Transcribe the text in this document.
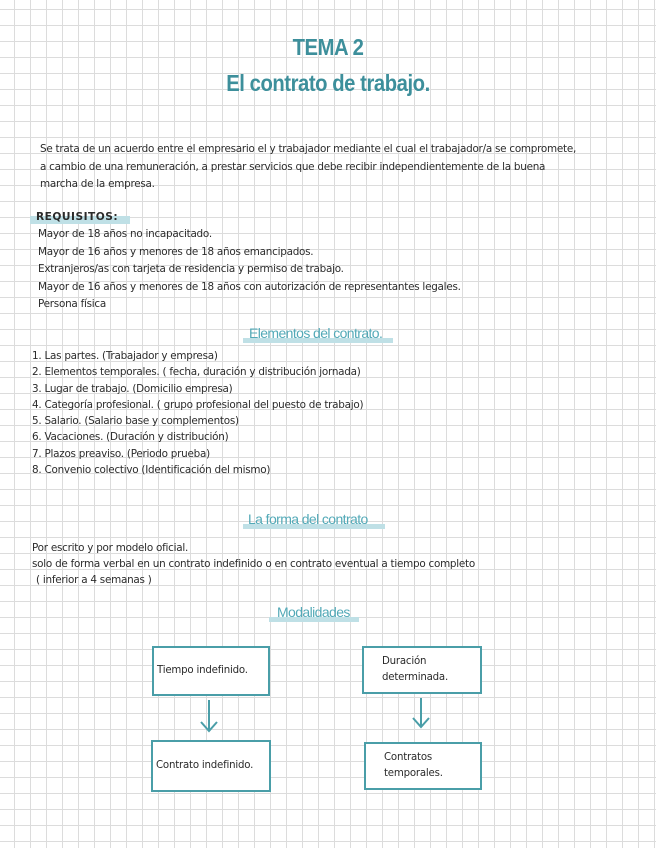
TEMA 2
El contrato de trabajo.
Se trata de un acuerdo entre el empresario el y trabajador mediante el cual el trabajador/a se compromete,
a cambio de una remuneración, a prestar servicios que debe recibir independientemente de la buena
marcha de la empresa.
REQUISITOS:
Mayor de 18 años no incapacitado.
Mayor de 16 años y menores de 18 años emancipados.
Extranjeros/as con tarjeta de residencia y permiso de trabajo.
Mayor de 16 años y menores de 18 años con autorización de representantes legales.
Persona física
Elementos del contrato.
1. Las partes. (Trabajador y empresa)
2. Elementos temporales. ( fecha, duración y distribución jornada)
3. Lugar de trabajo. (Domicilio empresa)
4. Categoría profesional. ( grupo profesional del puesto de trabajo)
5. Salario. (Salario base y complementos)
6. Vacaciones. (Duración y distribución)
7. Plazos preaviso. (Periodo prueba)
8. Convenio colectivo (Identificación del mismo)
La forma del contrato
Por escrito y por modelo oficial.
solo de forma verbal en un contrato indefinido o en contrato eventual a tiempo completo
( inferior a 4 semanas )
Modalidades
Tiempo indefinido.
Duración
determinada.
Contrato indefinido.
Contratos
temporales.
